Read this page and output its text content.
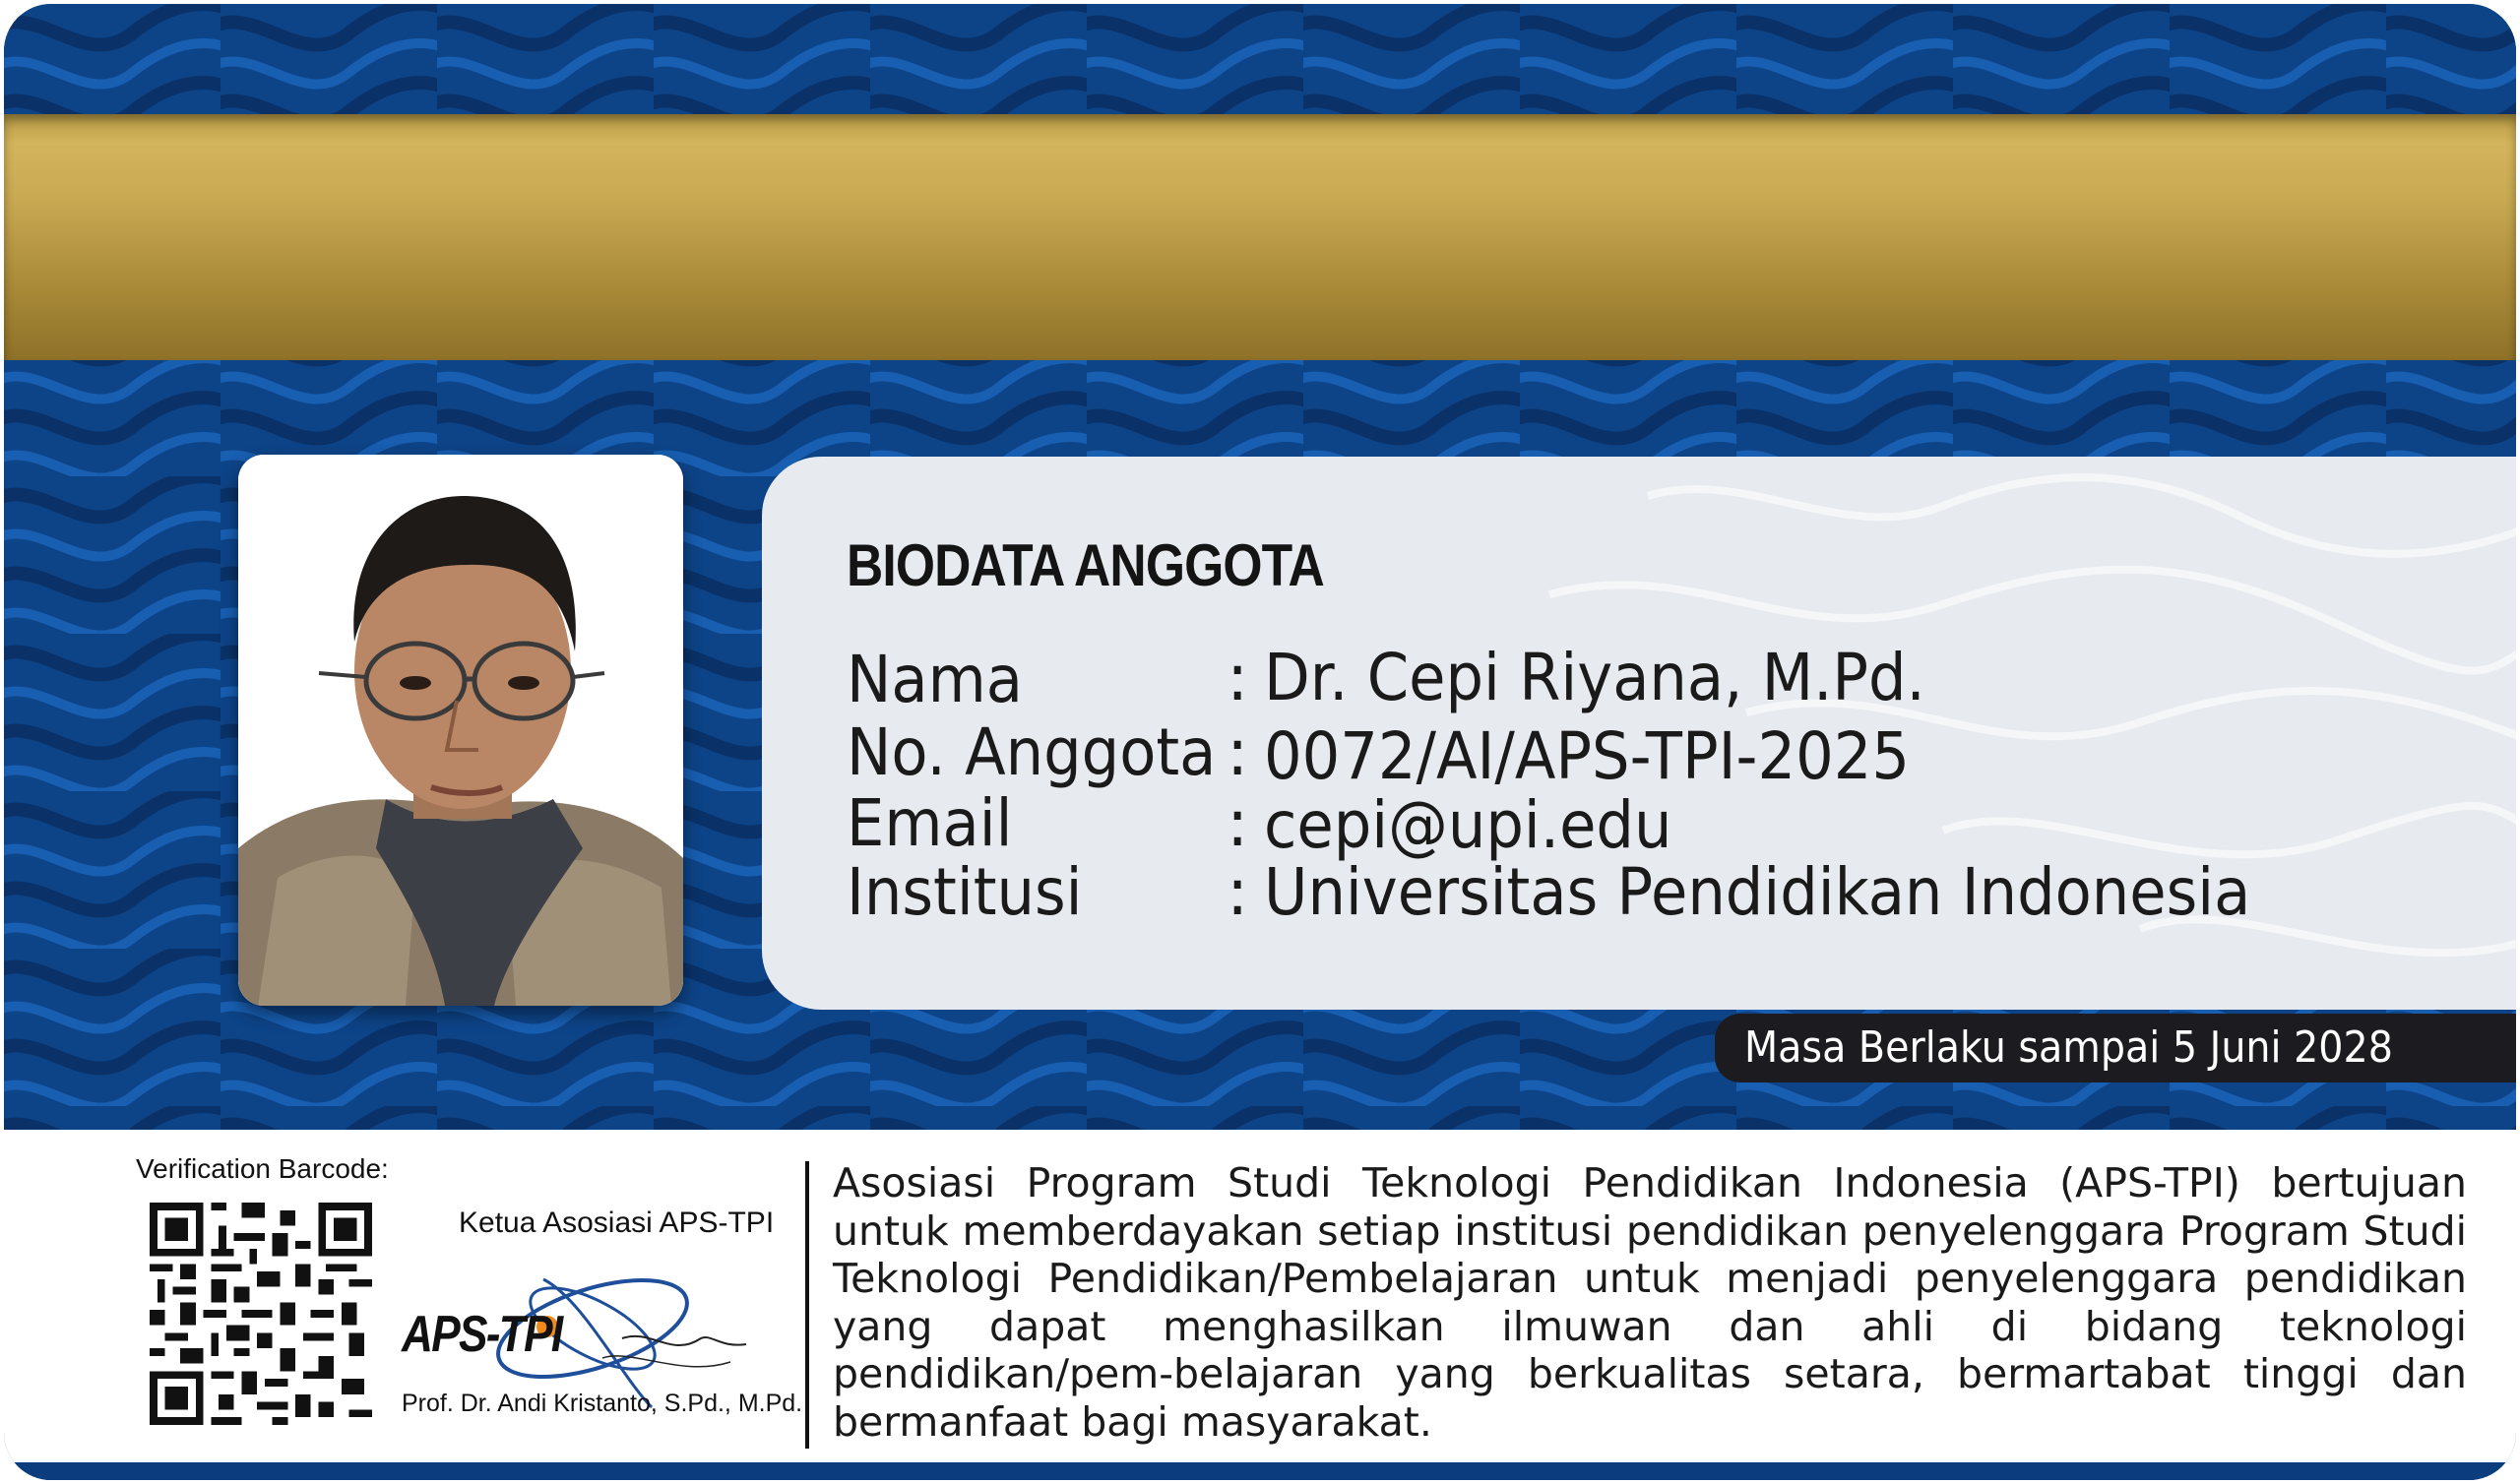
BIODATA ANGGOTA
Nama	: Dr. Cepi Riyana, M.Pd.
No. Anggota : 0072/AI/APS-TPI-2025
Email	: cepi@upi.edu
Institusi : Universitas Pendidikan Indonesia
Masa Berlaku sampai 5 Juni 2028
Verification Barcode:
Ketua Asosiasi APS-TPI
APS-TPI
Prof. Dr. Andi Kristanto, S.Pd., M.Pd.
Asosiasi Program Studi Teknologi Pendidikan Indonesia (APS-TPI) bertujuan untuk memberdayakan setiap institusi pendidikan penyelenggara Program Studi Teknologi Pendidikan/Pembelajaran untuk menjadi penyelenggara pendidikan yang dapat menghasilkan ilmuwan dan ahli di bidang teknologi pendidikan/pem-belajaran yang berkualitas setara, bermartabat tinggi dan bermanfaat bagi masyarakat.
